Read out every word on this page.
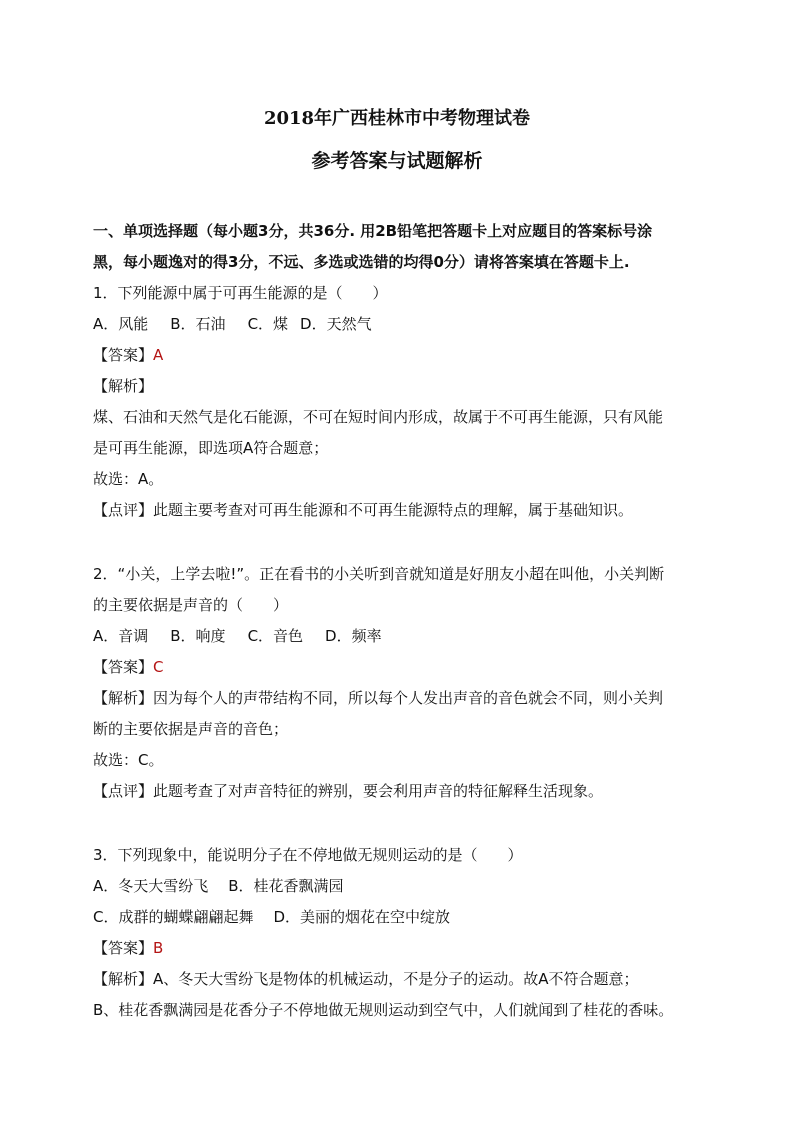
2018年广西桂林市中考物理试卷
参考答案与试题解析
一、单项选择题（每小题3分，共36分. 用2B铅笔把答题卡上对应题目的答案标号涂
黑，每小题逸对的得3分，不远、多选或选错的均得0分）请将答案填在答题卡上.
1．下列能源中属于可再生能源的是（　　）
A．风能 B．石油 C．煤 D．天然气
【答案】A
【解析】
煤、石油和天然气是化石能源，不可在短时间内形成，故属于不可再生能源，只有风能
是可再生能源，即选项A符合题意；
故选：A。
【点评】此题主要考查对可再生能源和不可再生能源特点的理解，属于基础知识。
2．“小关，上学去啦!”。正在看书的小关听到音就知道是好朋友小超在叫他，小关判断
的主要依据是声音的（　　）
A．音调 B．响度 C．音色 D．频率
【答案】C
【解析】因为每个人的声带结构不同，所以每个人发出声音的音色就会不同，则小关判
断的主要依据是声音的音色；
故选：C。
【点评】此题考查了对声音特征的辨别，要会利用声音的特征解释生活现象。
3．下列现象中，能说明分子在不停地做无规则运动的是（　　）
A．冬天大雪纷飞 B．桂花香飘满园
C．成群的蝴蝶翩翩起舞 D．美丽的烟花在空中绽放
【答案】B
【解析】A、冬天大雪纷飞是物体的机械运动，不是分子的运动。故A不符合题意；
B、桂花香飘满园是花香分子不停地做无规则运动到空气中，人们就闻到了桂花的香味。
